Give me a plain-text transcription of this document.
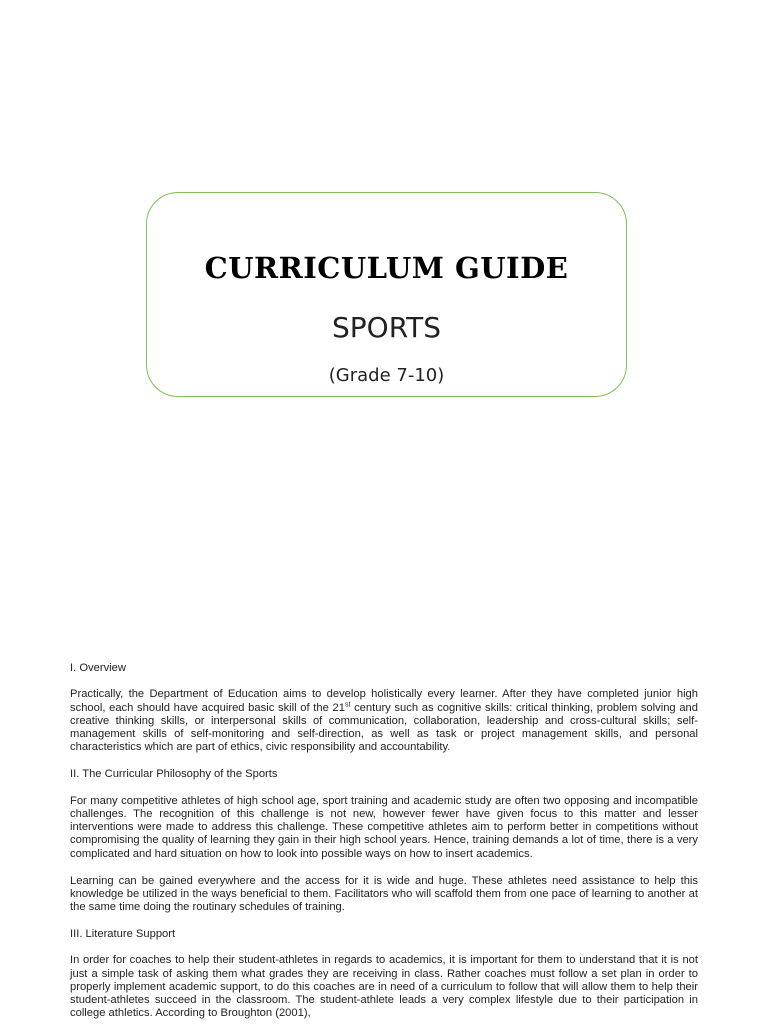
CURRICULUM GUIDE
SPORTS
(Grade 7-10)

I. Overview

Practically, the Department of Education aims to develop holistically every learner. After they have completed junior high school, each should have acquired basic skill of the 21st century such as cognitive skills: critical thinking, problem solving and creative thinking skills, or interpersonal skills of communication, collaboration, leadership and cross-cultural skills; self-management skills of self-monitoring and self-direction, as well as task or project management skills, and personal characteristics which are part of ethics, civic responsibility and accountability.

II. The Curricular Philosophy of the Sports

For many competitive athletes of high school age, sport training and academic study are often two opposing and incompatible challenges. The recognition of this challenge is not new, however fewer have given focus to this matter and lesser interventions were made to address this challenge. These competitive athletes aim to perform better in competitions without compromising the quality of learning they gain in their high school years. Hence, training demands a lot of time, there is a very complicated and hard situation on how to look into possible ways on how to insert academics.

Learning can be gained everywhere and the access for it is wide and huge. These athletes need assistance to help this knowledge be utilized in the ways beneficial to them. Facilitators who will scaffold them from one pace of learning to another at the same time doing the routinary schedules of training.

III. Literature Support

In order for coaches to help their student-athletes in regards to academics, it is important for them to understand that it is not just a simple task of asking them what grades they are receiving in class. Rather coaches must follow a set plan in order to properly implement academic support, to do this coaches are in need of a curriculum to follow that will allow them to help their student-athletes succeed in the classroom. The student-athlete leads a very complex lifestyle due to their participation in college athletics. According to Broughton (2001),
